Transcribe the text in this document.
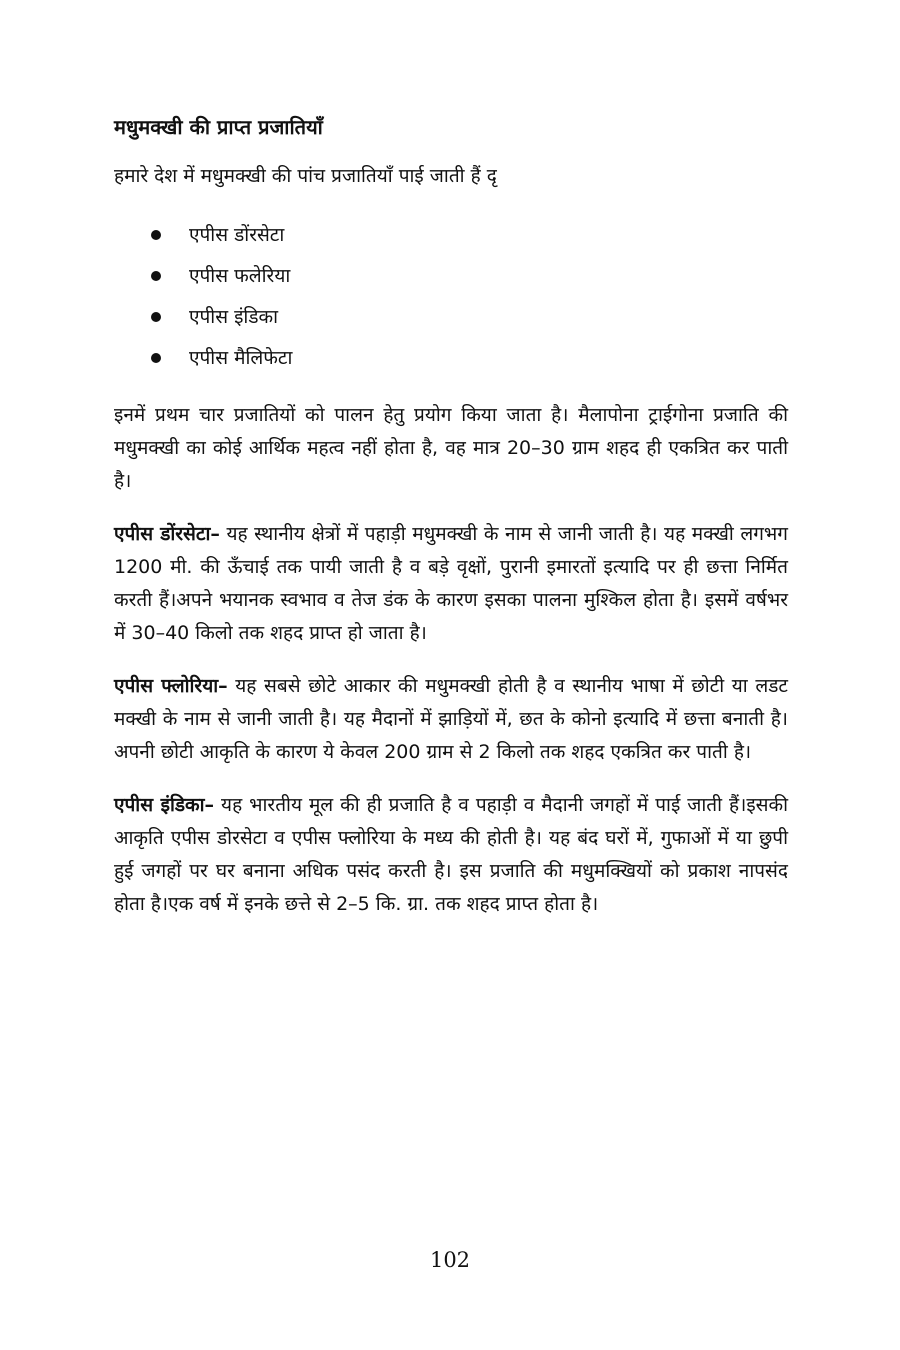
मधुमक्खी की प्राप्त प्रजातियाँ

हमारे देश में मधुमक्खी की पांच प्रजातियाँ पाई जाती हैं दृ

एपीस डोंरसेटा
एपीस फलेरिया
एपीस इंडिका
एपीस मैलिफेटा

इनमें प्रथम चार प्रजातियों को पालन हेतु प्रयोग किया जाता है। मैलापोना ट्राईगोना प्रजाति की मधुमक्खी का कोई आर्थिक महत्व नहीं होता है, वह मात्र 20–30 ग्राम शहद ही एकत्रित कर पाती है।

एपीस डोंरसेटा– यह स्थानीय क्षेत्रों में पहाड़ी मधुमक्खी के नाम से जानी जाती है। यह मक्खी लगभग 1200 मी. की ऊँचाई तक पायी जाती है व बड़े वृक्षों, पुरानी इमारतों इत्यादि पर ही छत्ता निर्मित करती हैं।अपने भयानक स्वभाव व तेज डंक के कारण इसका पालना मुश्किल होता है। इसमें वर्षभर में 30–40 किलो तक शहद प्राप्त हो जाता है।

एपीस फ्लोरिया– यह सबसे छोटे आकार की मधुमक्खी होती है व स्थानीय भाषा में छोटी या लडट मक्खी के नाम से जानी जाती है। यह मैदानों में झाड़ियों में, छत के कोनो इत्यादि में छत्ता बनाती है। अपनी छोटी आकृति के कारण ये केवल 200 ग्राम से 2 किलो तक शहद एकत्रित कर पाती है।

एपीस इंडिका– यह भारतीय मूल की ही प्रजाति है व पहाड़ी व मैदानी जगहों में पाई जाती हैं।इसकी आकृति एपीस डोरसेटा व एपीस फ्लोरिया के मध्य की होती है। यह बंद घरों में, गुफाओं में या छुपी हुई जगहों पर घर बनाना अधिक पसंद करती है। इस प्रजाति की मधुमक्खियों को प्रकाश नापसंद होता है।एक वर्ष में इनके छत्ते से 2–5 कि. ग्रा. तक शहद प्राप्त होता है।

102
